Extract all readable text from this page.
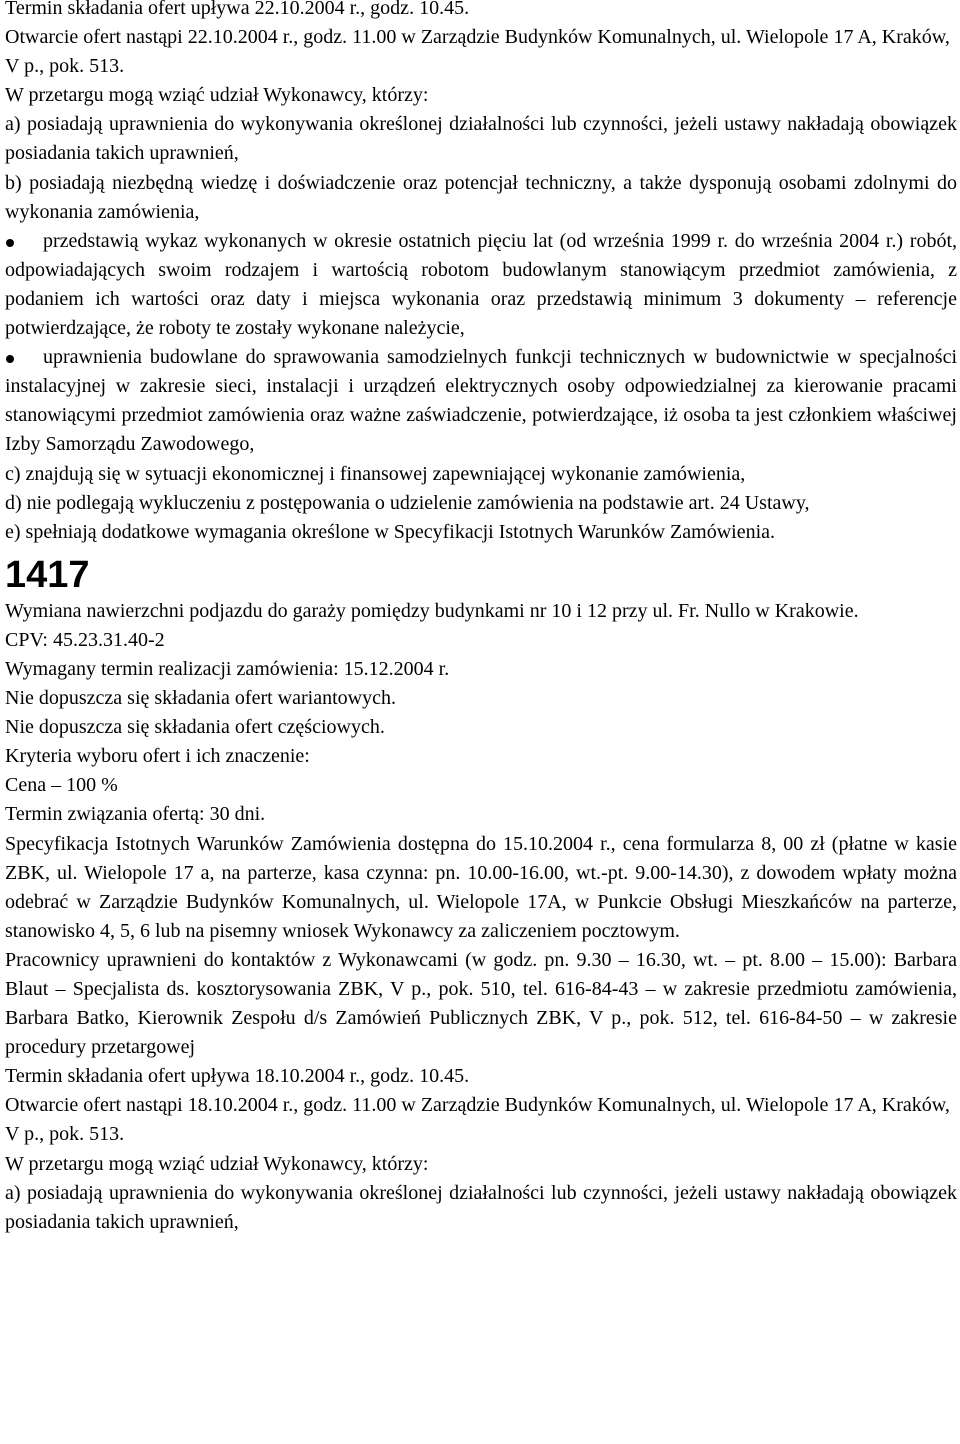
Termin składania ofert upływa 22.10.2004 r., godz. 10.45.

Otwarcie ofert nastąpi 22.10.2004 r., godz. 11.00 w Zarządzie Budynków Komunalnych, ul. Wielopole 17 A, Kraków, V p., pok. 513.

W przetargu mogą wziąć udział Wykonawcy, którzy:

a) posiadają uprawnienia do wykonywania określonej działalności lub czynności, jeżeli ustawy nakładają obowiązek posiadania takich uprawnień,

b) posiadają niezbędną wiedzę i doświadczenie oraz potencjał techniczny, a także dysponują osobami zdolnymi do wykonania zamówienia,

przedstawią wykaz wykonanych w okresie ostatnich pięciu lat (od września 1999 r. do września 2004 r.) robót, odpowiadających swoim rodzajem i wartością robotom budowlanym stanowiącym przedmiot zamówienia, z podaniem ich wartości oraz daty i miejsca wykonania oraz przedstawią minimum 3 dokumenty – referencje potwierdzające, że roboty te zostały wykonane należycie,

uprawnienia budowlane do sprawowania samodzielnych funkcji technicznych w budownictwie w specjalności instalacyjnej w zakresie sieci, instalacji i urządzeń elektrycznych osoby odpowiedzialnej za kierowanie pracami stanowiącymi przedmiot zamówienia oraz ważne zaświadczenie, potwierdzające, iż osoba ta jest członkiem właściwej Izby Samorządu Zawodowego,

c) znajdują się w sytuacji ekonomicznej i finansowej zapewniającej wykonanie zamówienia,

d) nie podlegają wykluczeniu z postępowania o udzielenie zamówienia na podstawie art. 24 Ustawy,

e) spełniają dodatkowe wymagania określone w Specyfikacji Istotnych Warunków Zamówienia.

1417

Wymiana nawierzchni podjazdu do garaży pomiędzy budynkami nr 10 i 12 przy ul. Fr. Nullo w Krakowie.

CPV: 45.23.31.40-2

Wymagany termin realizacji zamówienia: 15.12.2004 r.

Nie dopuszcza się składania ofert wariantowych.

Nie dopuszcza się składania ofert częściowych.

Kryteria wyboru ofert i ich znaczenie:

Cena – 100 %

Termin związania ofertą: 30 dni.

Specyfikacja Istotnych Warunków Zamówienia dostępna do 15.10.2004 r., cena formularza 8, 00 zł (płatne w kasie ZBK, ul. Wielopole 17 a, na parterze, kasa czynna: pn. 10.00-16.00, wt.-pt. 9.00-14.30), z dowodem wpłaty można odebrać w Zarządzie Budynków Komunalnych, ul. Wielopole 17A, w Punkcie Obsługi Mieszkańców na parterze, stanowisko 4, 5, 6 lub na pisemny wniosek Wykonawcy za zaliczeniem pocztowym.

Pracownicy uprawnieni do kontaktów z Wykonawcami (w godz. pn. 9.30 – 16.30, wt. – pt. 8.00 – 15.00): Barbara Blaut – Specjalista ds. kosztorysowania ZBK, V p., pok. 510, tel. 616-84-43 – w zakresie przedmiotu zamówienia, Barbara Batko, Kierownik Zespołu d/s Zamówień Publicznych ZBK, V p., pok. 512, tel. 616-84-50 – w zakresie procedury przetargowej

Termin składania ofert upływa 18.10.2004 r., godz. 10.45.

Otwarcie ofert nastąpi 18.10.2004 r., godz. 11.00 w Zarządzie Budynków Komunalnych, ul. Wielopole 17 A, Kraków, V p., pok. 513.

W przetargu mogą wziąć udział Wykonawcy, którzy:

a) posiadają uprawnienia do wykonywania określonej działalności lub czynności, jeżeli ustawy nakładają obowiązek posiadania takich uprawnień,
